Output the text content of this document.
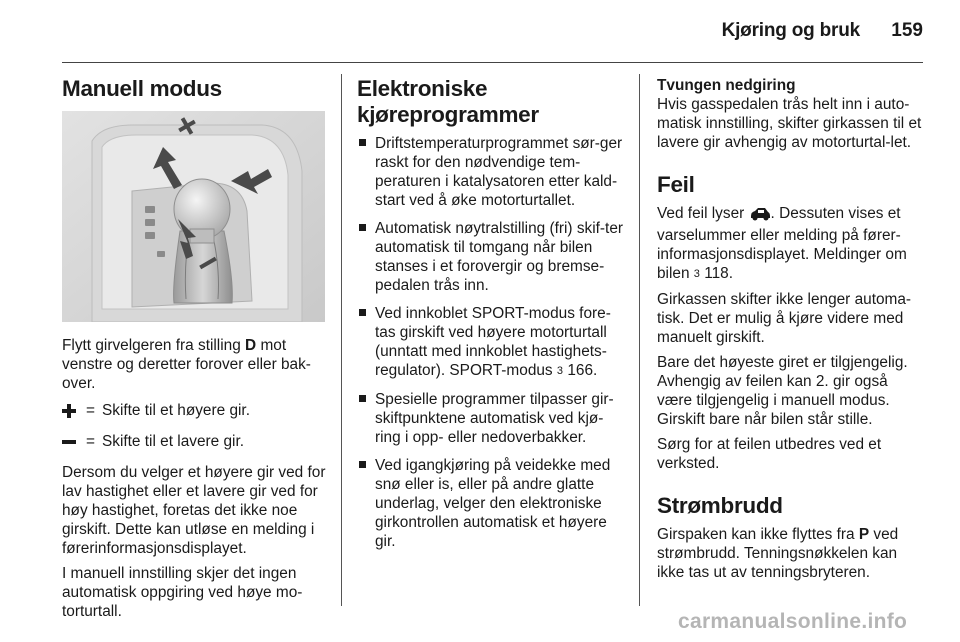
Kjøring og bruk	159
Manuell modus

Flytt girvelgeren fra stilling D mot venstre og deretter forover eller bak-over.

= Skifte til et høyere gir.
= Skifte til et lavere gir.

Dersom du velger et høyere gir ved for lav hastighet eller et lavere gir ved for høy hastighet, foretas det ikke noe girskift. Dette kan utløse en melding i førerinformasjonsdisplayet.

I manuell innstilling skjer det ingen automatisk oppgiring ved høye mo-torturtall.

Elektroniske
kjøreprogrammer
Driftstemperaturprogrammet sør-ger raskt for den nødvendige tem-peraturen i katalysatoren etter kald-start ved å øke motorturtallet.
Automatisk nøytralstilling (fri) skif-ter automatisk til tomgang når bilen stanses i et forovergir og bremse-pedalen trås inn.
Ved innkoblet SPORT-modus fore-tas girskift ved høyere motorturtall (unntatt med innkoblet hastighets-regulator). SPORT-modus 3 166.
Spesielle programmer tilpasser gir-skiftpunktene automatisk ved kjø-ring i opp- eller nedoverbakker.
Ved igangkjøring på veidekke med snø eller is, eller på andre glatte underlag, velger den elektroniske girkontrollen automatisk et høyere gir.
Tvungen nedgiring

Hvis gasspedalen trås helt inn i auto-matisk innstilling, skifter girkassen til et lavere gir avhengig av motorturtal-let.

Feil

Ved feil lyser . Dessuten vises et varselummer eller melding på fører-informasjonsdisplayet. Meldinger om bilen 3 118.

Girkassen skifter ikke lenger automa-tisk. Det er mulig å kjøre videre med manuelt girskift.

Bare det høyeste giret er tilgjengelig. Avhengig av feilen kan 2. gir også være tilgjengelig i manuell modus. Girskift bare når bilen står stille.

Sørg for at feilen utbedres ved et verksted.

Strømbrudd

Girspaken kan ikke flyttes fra P ved strømbrudd. Tenningsnøkkelen kan ikke tas ut av tenningsbryteren.

carmanualsonline.info
